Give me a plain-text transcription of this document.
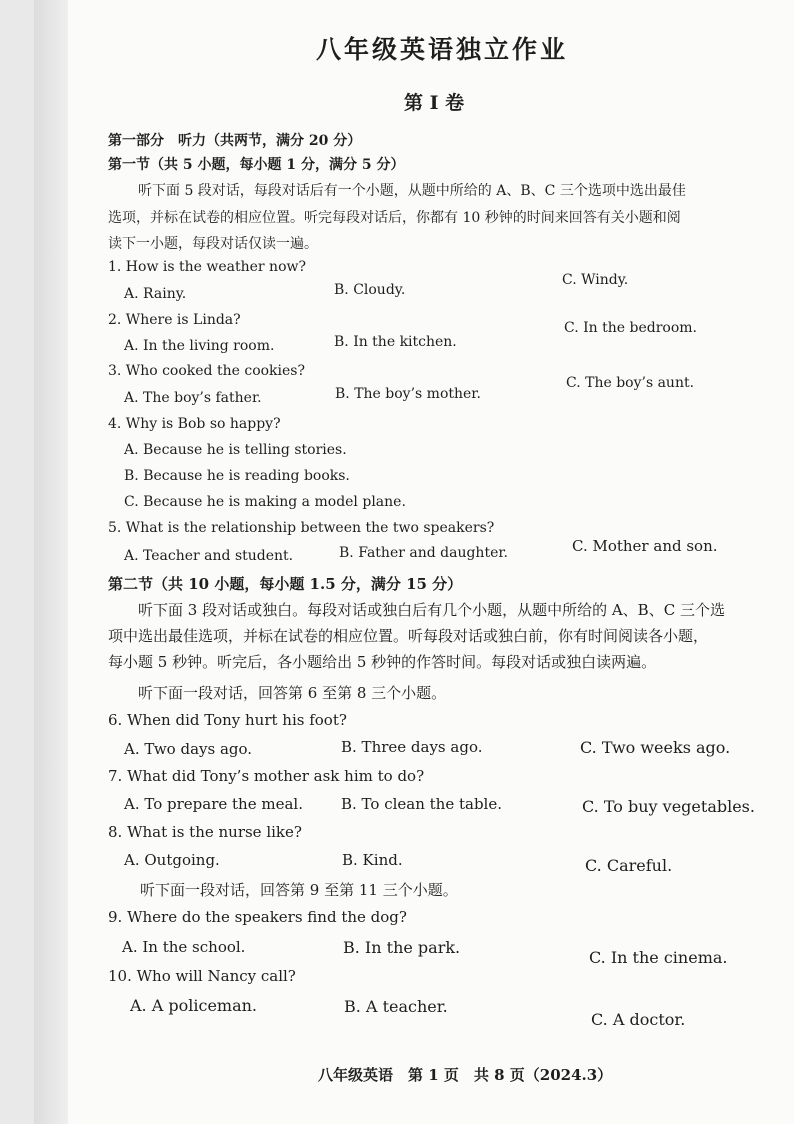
八年级英语独立作业
第 I 卷
第一部分　听力（共两节，满分 20 分）
第一节（共 5 小题，每小题 1 分，满分 5 分）
听下面 5 段对话，每段对话后有一个小题，从题中所给的 A、B、C 三个选项中选出最佳
选项，并标在试卷的相应位置。听完每段对话后，你都有 10 秒钟的时间来回答有关小题和阅
读下一小题，每段对话仅读一遍。
1. How is the weather now?
A. Rainy.	B. Cloudy.
C. Windy.
2. Where is Linda?
A. In the living room.	B. In the kitchen.
C. In the bedroom.
3. Who cooked the cookies?
A. The boy’s father.	B. The boy’s mother.
C. The boy’s aunt.
4. Why is Bob so happy?
A. Because he is telling stories.
B. Because he is reading books.
C. Because he is making a model plane.
5. What is the relationship between the two speakers?
A. Teacher and student.	B. Father and daughter.	C. Mother and son.
第二节（共 10 小题，每小题 1.5 分，满分 15 分）
听下面 3 段对话或独白。每段对话或独白后有几个小题，从题中所给的 A、B、C 三个选
项中选出最佳选项，并标在试卷的相应位置。听每段对话或独白前，你有时间阅读各小题，
每小题 5 秒钟。听完后，各小题给出 5 秒钟的作答时间。每段对话或独白读两遍。
听下面一段对话，回答第 6 至第 8 三个小题。
6. When did Tony hurt his foot?
A. Two days ago.	B. Three days ago.	C. Two weeks ago.
7. What did Tony’s mother ask him to do?
A. To prepare the meal.	B. To clean the table.	C. To buy vegetables.
8. What is the nurse like?
A. Outgoing.	B. Kind.	C. Careful.
听下面一段对话，回答第 9 至第 11 三个小题。
9. Where do the speakers find the dog?
A. In the school.	B. In the park.
C. In the cinema.
10. Who will Nancy call?
A. A policeman.	B. A teacher.
C. A doctor.
八年级英语　第 1 页　共 8 页（2024.3）
